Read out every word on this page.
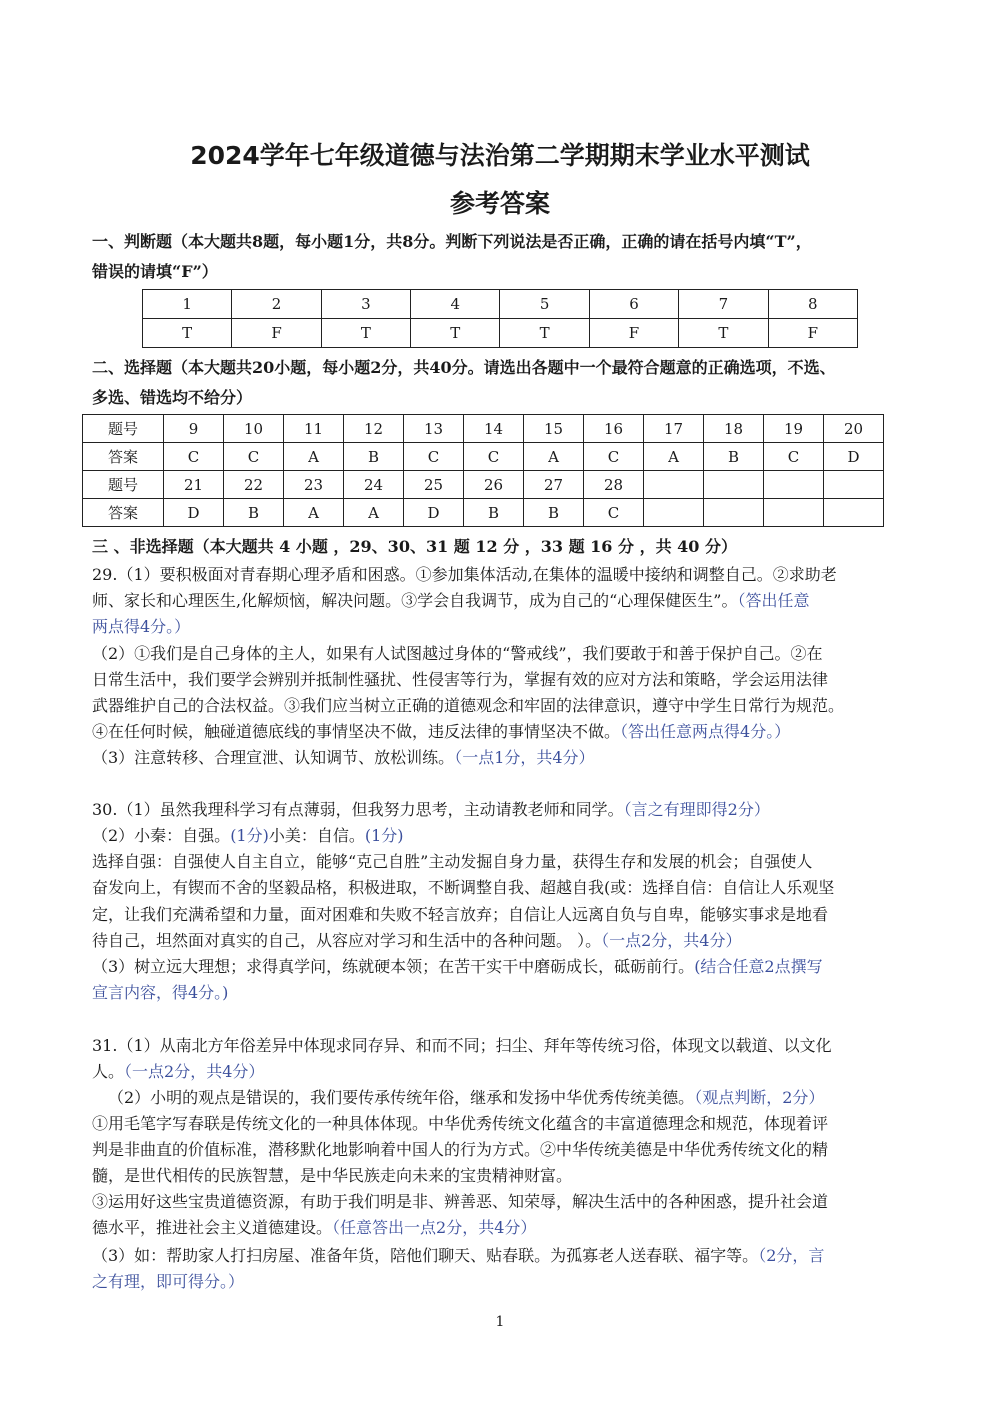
2024学年七年级道德与法治第二学期期末学业水平测试
参考答案
一、判断题（本大题共8题，每小题1分，共8分。判断下列说法是否正确，正确的请在括号内填“T”，
错误的请填“F”）
1	2	3	4	5	6	7	8
T	F	T	T	T	F	T	F
二、选择题（本大题共20小题，每小题2分，共40分。请选出各题中一个最符合题意的正确选项，不选、
多选、错选均不给分）
题号	9	10	11	12	13	14	15	16	17	18	19	20
答案	C	C	A	B	C	C	A	C	A	B	C	D
题号	21	22	23	24	25	26	27	28				
答案	D	B	A	A	D	B	B	C				
三 、非选择题（本大题共 4 小题 ，29、30、31 题 12 分 ，33 题 16 分 ，共 40 分）
29.（1）要积极面对青春期心理矛盾和困惑。①参加集体活动,在集体的温暖中接纳和调整自己。②求助老
师、家长和心理医生,化解烦恼，解决问题。③学会自我调节，成为自己的“心理保健医生”。（答出任意
两点得4分。）
（2）①我们是自己身体的主人，如果有人试图越过身体的“警戒线”，我们要敢于和善于保护自己。②在
日常生活中，我们要学会辨别并抵制性骚扰、性侵害等行为，掌握有效的应对方法和策略，学会运用法律
武器维护自己的合法权益。③我们应当树立正确的道德观念和牢固的法律意识，遵守中学生日常行为规范。
④在任何时候，触碰道德底线的事情坚决不做，违反法律的事情坚决不做。（答出任意两点得4分。）
（3）注意转移、合理宣泄、认知调节、放松训练。（一点1分，共4分）
30.（1）虽然我理科学习有点薄弱，但我努力思考，主动请教老师和同学。（言之有理即得2分）
（2）小秦：自强。(1分)小美：自信。(1分)
选择自强：自强使人自主自立，能够“克己自胜”主动发掘自身力量，获得生存和发展的机会；自强使人
奋发向上，有锲而不舍的坚毅品格，积极进取，不断调整自我、超越自我(或：选择自信：自信让人乐观坚
定，让我们充满希望和力量，面对困难和失败不轻言放弃；自信让人远离自负与自卑，能够实事求是地看
待自己，坦然面对真实的自己，从容应对学习和生活中的各种问题。 ）。（一点2分，共4分）
（3）树立远大理想；求得真学问，练就硬本领；在苦干实干中磨砺成长，砥砺前行。(结合任意2点撰写
宣言内容，得4分。)
31.（1）从南北方年俗差异中体现求同存异、和而不同；扫尘、拜年等传统习俗，体现文以载道、以文化
人。（一点2分，共4分）
（2）小明的观点是错误的，我们要传承传统年俗，继承和发扬中华优秀传统美德。（观点判断，2分）
①用毛笔字写春联是传统文化的一种具体体现。中华优秀传统文化蕴含的丰富道德理念和规范，体现着评
判是非曲直的价值标准，潜移默化地影响着中国人的行为方式。②中华传统美德是中华优秀传统文化的精
髓，是世代相传的民族智慧，是中华民族走向未来的宝贵精神财富。
③运用好这些宝贵道德资源，有助于我们明是非、辨善恶、知荣辱，解决生活中的各种困惑，提升社会道
德水平，推进社会主义道德建设。（任意答出一点2分，共4分）
（3）如：帮助家人打扫房屋、准备年货，陪他们聊天、贴春联。为孤寡老人送春联、福字等。（2分，言
之有理，即可得分。）
1
